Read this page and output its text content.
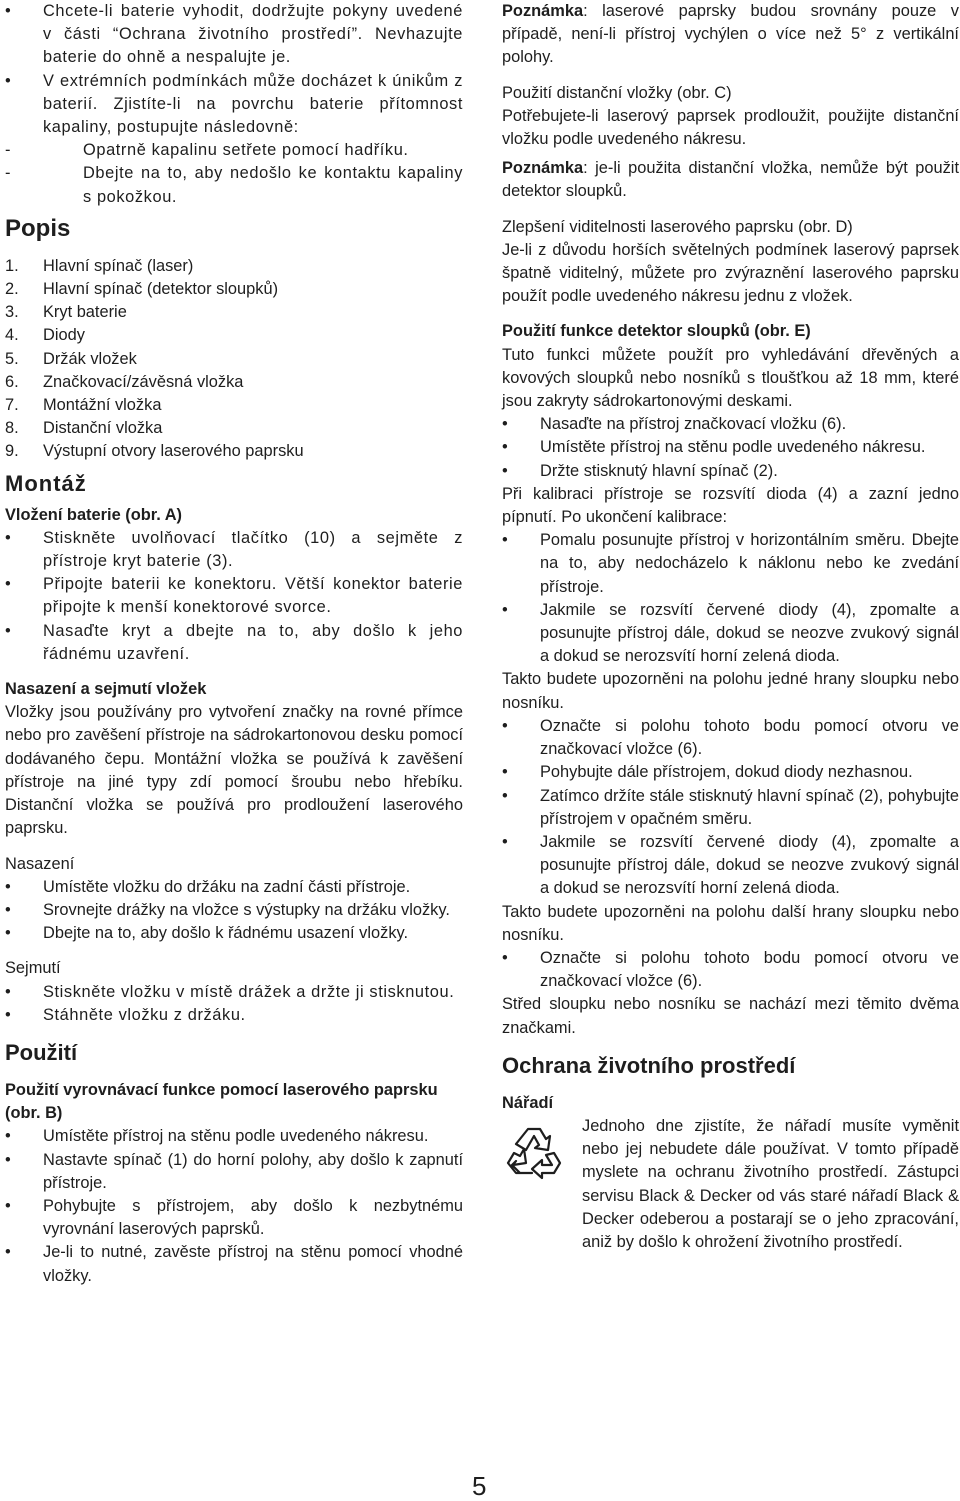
• Chcete-li baterie vyhodit, dodržujte pokyny uvedené v části “Ochrana životního prostředí”. Nevhazujte baterie do ohně a nespalujte je.
• V extrémních podmínkách může docházet k únikům z baterií. Zjistíte-li na povrchu baterie přítomnost kapaliny, postupujte následovně:
- Opatrně kapalinu setřete pomocí hadříku.
- Dbejte na to, aby nedošlo ke kontaktu kapaliny s pokožkou.
Popis
1.	Hlavní spínač (laser)
2.	Hlavní spínač (detektor sloupků)
3.	Kryt baterie
4.	Diody
5.	Držák vložek
6.	Značkovací/závěsná vložka
7.	Montážní vložka
8.	Distanční vložka
9.	Výstupní otvory laserového paprsku
Montáž
Vložení baterie (obr. A)
• Stiskněte uvolňovací tlačítko (10) a sejměte z přístroje kryt baterie (3).
• Připojte baterii ke konektoru. Větší konektor baterie připojte k menší konektorové svorce.
• Nasaďte kryt a dbejte na to, aby došlo k jeho řádnému uzavření.
Nasazení a sejmutí vložek

Vložky jsou používány pro vytvoření značky na rovné přímce nebo pro zavěšení přístroje na sádrokartonovou desku pomocí dodávaného čepu. Montážní vložka se používá k zavěšení přístroje na jiné typy zdí pomocí šroubu nebo hřebíku. Distanční vložka se používá pro prodloužení laserového paprsku.

Nasazení
• Umístěte vložku do držáku na zadní části přístroje.
• Srovnejte drážky na vložce s výstupky na držáku vložky.
• Dbejte na to, aby došlo k řádnému usazení vložky.
Sejmutí
• Stiskněte vložku v místě drážek a držte ji stisknutou.
• Stáhněte vložku z držáku.
Použití
Použití vyrovnávací funkce pomocí laserového paprsku (obr. B)
• Umístěte přístroj na stěnu podle uvedeného nákresu.
• Nastavte spínač (1) do horní polohy, aby došlo k zapnutí přístroje.
• Pohybujte s přístrojem, aby došlo k nezbytnému vyrovnání laserových paprsků.
• Je-li to nutné, zavěste přístroj na stěnu pomocí vhodné vložky.

Poznámka: laserové paprsky budou srovnány pouze v případě, není-li přístroj vychýlen o více než 5° z vertikální polohy.

Použití distanční vložky (obr. C)

Potřebujete-li laserový paprsek prodloužit, použijte distanční vložku podle uvedeného nákresu.

Poznámka: je-li použita distanční vložka, nemůže být použit detektor sloupků.

Zlepšení viditelnosti laserového paprsku (obr. D)

Je-li z důvodu horších světelných podmínek laserový paprsek špatně viditelný, můžete pro zvýraznění laserového paprsku použít podle uvedeného nákresu jednu z vložek.

Použití funkce detektor sloupků (obr. E)

Tuto funkci můžete použít pro vyhledávání dřevěných a kovových sloupků nebo nosníků s tloušťkou až 18 mm, které jsou zakryty sádrokartonovými deskami.

• Nasaďte na přístroj značkovací vložku (6).
• Umístěte přístroj na stěnu podle uvedeného nákresu.
• Držte stisknutý hlavní spínač (2).

Při kalibraci přístroje se rozsvítí dioda (4) a zazní jedno pípnutí. Po ukončení kalibrace:

• Pomalu posunujte přístroj v horizontálním směru. Dbejte na to, aby nedocházelo k náklonu nebo ke zvedání přístroje.
• Jakmile se rozsvítí červené diody (4), zpomalte a posunujte přístroj dále, dokud se neozve zvukový signál a dokud se nerozsvítí horní zelená dioda.

Takto budete upozorněni na polohu jedné hrany sloupku nebo nosníku.

• Označte si polohu tohoto bodu pomocí otvoru ve značkovací vložce (6).
• Pohybujte dále přístrojem, dokud diody nezhasnou.
• Zatímco držíte stále stisknutý hlavní spínač (2), pohybujte přístrojem v opačném směru.
• Jakmile se rozsvítí červené diody (4), zpomalte a posunujte přístroj dále, dokud se neozve zvukový signál a dokud se nerozsvítí horní zelená dioda.

Takto budete upozorněni na polohu další hrany sloupku nebo nosníku.

• Označte si polohu tohoto bodu pomocí otvoru ve značkovací vložce (6).

Střed sloupku nebo nosníku se nachází mezi těmito dvěma značkami.

Ochrana životního prostředí
Nářadí

Jednoho dne zjistíte, že nářadí musíte vyměnit nebo jej nebudete dále používat. V tomto případě myslete na ochranu životního prostředí. Zástupci servisu Black & Decker od vás staré nářadí Black & Decker odeberou a postarají se o jeho zpracování, aniž by došlo k ohrožení životního prostředí.

5
